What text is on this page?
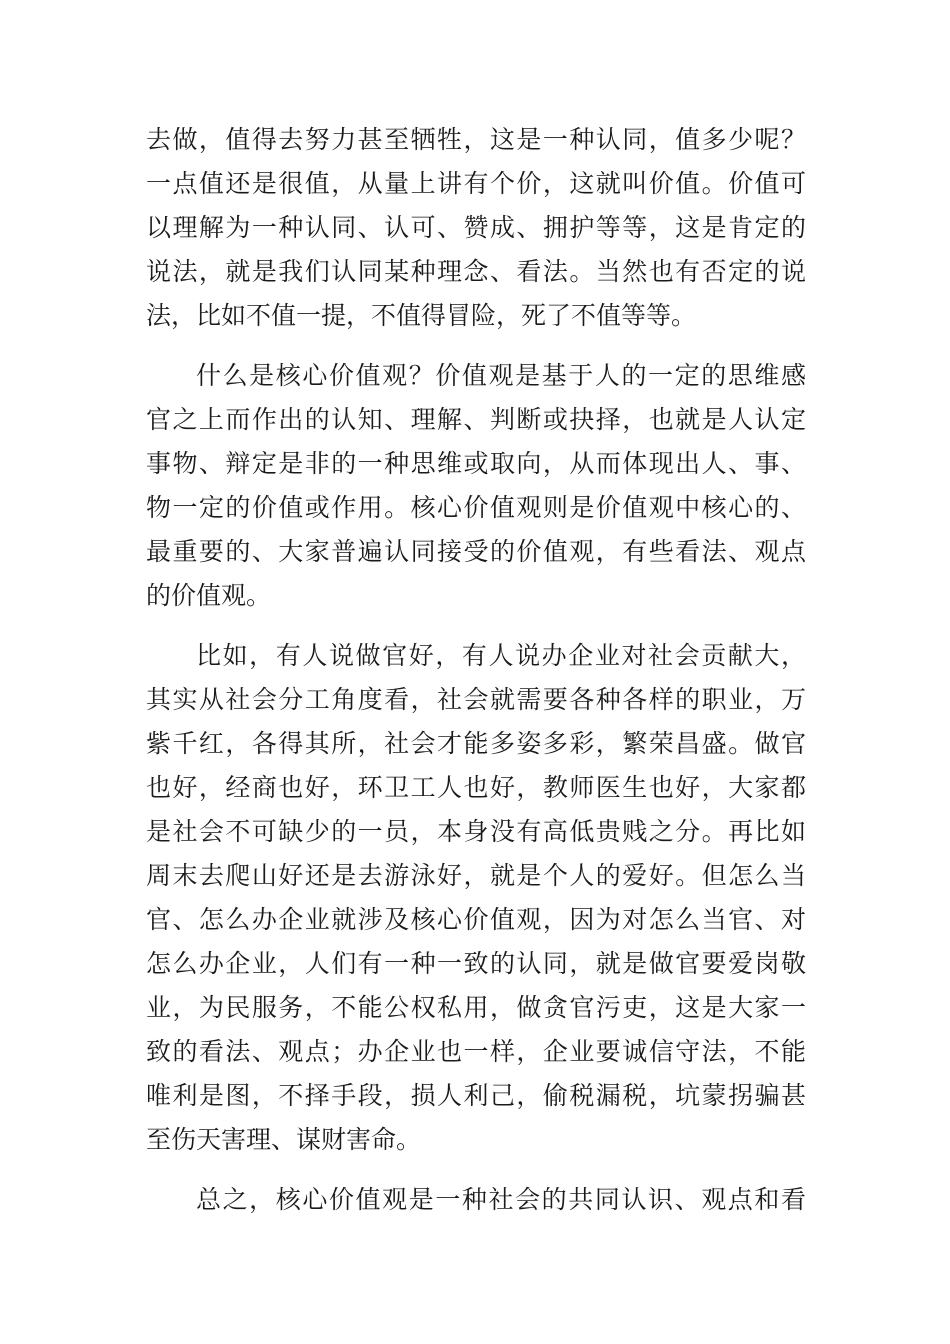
去做，值得去努力甚至牺牲，这是一种认同，值多少呢？
一点值还是很值，从量上讲有个价，这就叫价值。价值可
以理解为一种认同、认可、赞成、拥护等等，这是肯定的
说法，就是我们认同某种理念、看法。当然也有否定的说
法，比如不值一提，不值得冒险，死了不值等等。
什么是核心价值观？价值观是基于人的一定的思维感
官之上而作出的认知、理解、判断或抉择，也就是人认定
事物、辩定是非的一种思维或取向，从而体现出人、事、
物一定的价值或作用。核心价值观则是价值观中核心的、
最重要的、大家普遍认同接受的价值观，有些看法、观点
的价值观。
比如，有人说做官好，有人说办企业对社会贡献大，
其实从社会分工角度看，社会就需要各种各样的职业，万
紫千红，各得其所，社会才能多姿多彩，繁荣昌盛。做官
也好，经商也好，环卫工人也好，教师医生也好，大家都
是社会不可缺少的一员，本身没有高低贵贱之分。再比如
周末去爬山好还是去游泳好，就是个人的爱好。但怎么当
官、怎么办企业就涉及核心价值观，因为对怎么当官、对
怎么办企业，人们有一种一致的认同，就是做官要爱岗敬
业，为民服务，不能公权私用，做贪官污吏，这是大家一
致的看法、观点；办企业也一样，企业要诚信守法，不能
唯利是图，不择手段，损人利己，偷税漏税，坑蒙拐骗甚
至伤天害理、谋财害命。
总之，核心价值观是一种社会的共同认识、观点和看
